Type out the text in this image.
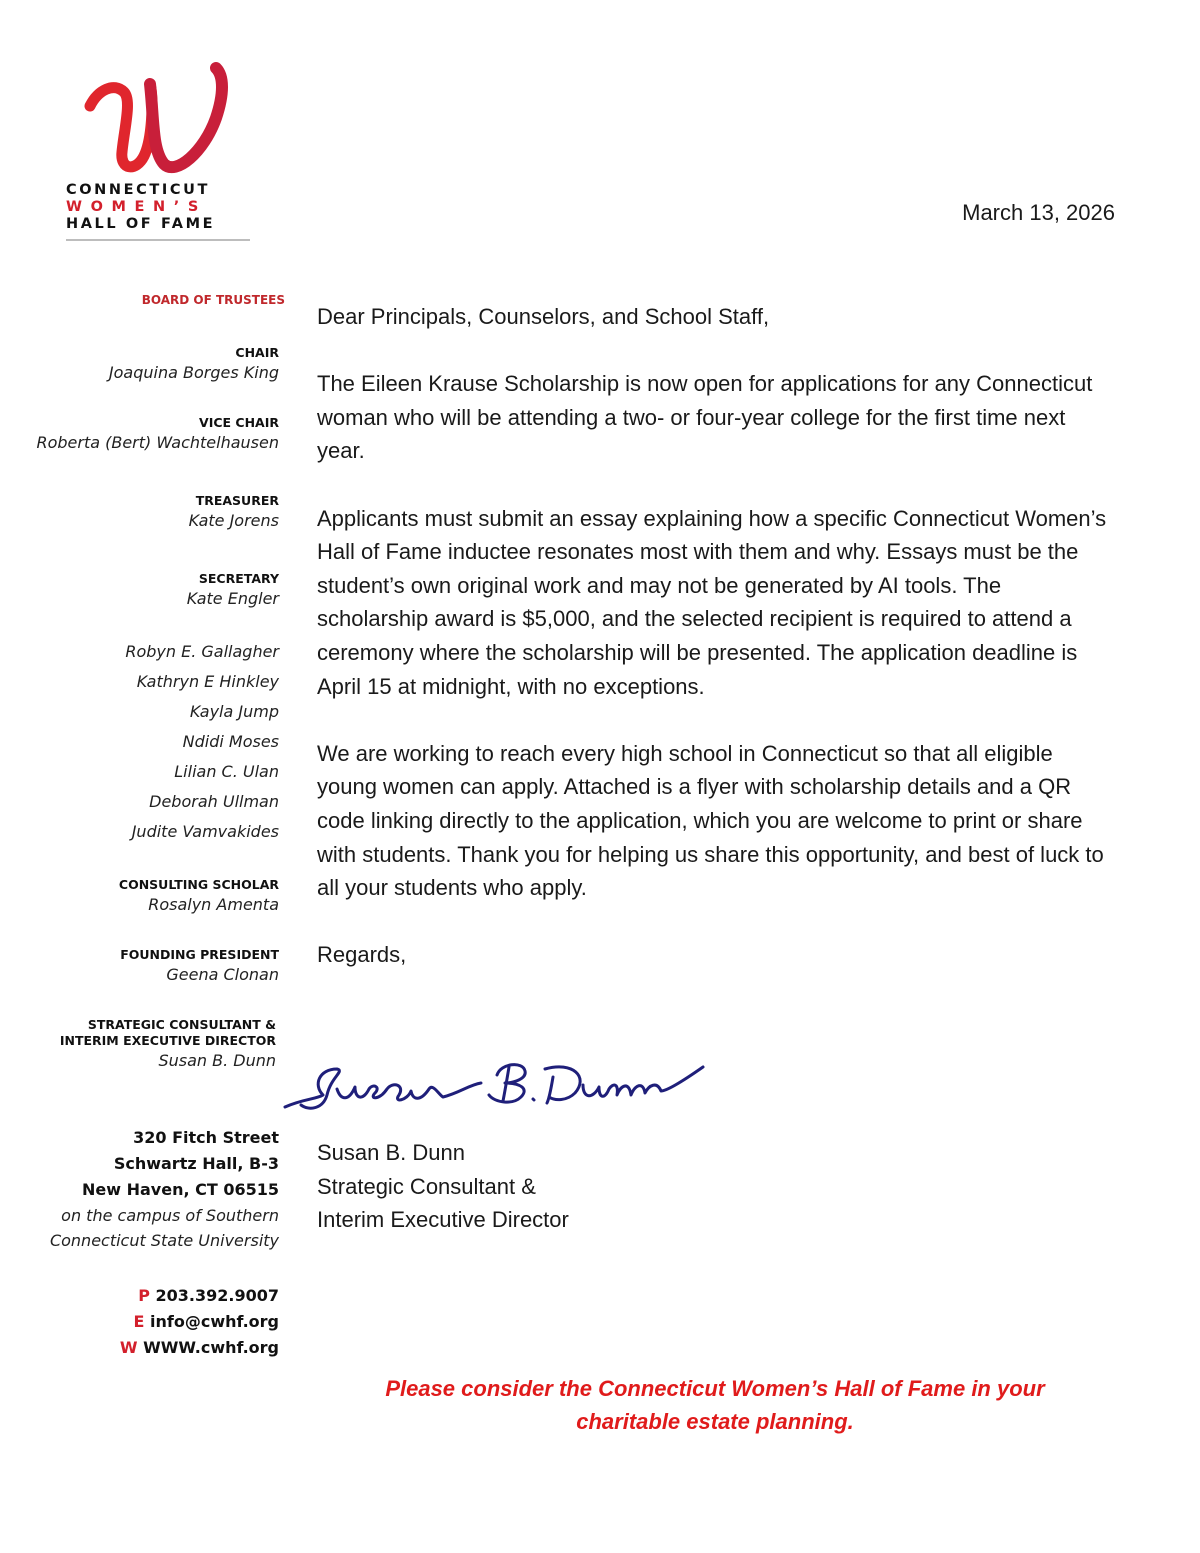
CONNECTICUT
WOMEN’S
HALL OF FAME
BOARD OF TRUSTEES
CHAIR
Joaquina Borges King
VICE CHAIR
Roberta (Bert) Wachtelhausen
TREASURER
Kate Jorens
SECRETARY
Kate Engler
Robyn E. Gallagher
Kathryn E Hinkley
Kayla Jump
Ndidi Moses
Lilian C. Ulan
Deborah Ullman
Judite Vamvakides
CONSULTING SCHOLAR
Rosalyn Amenta
FOUNDING PRESIDENT
Geena Clonan
STRATEGIC CONSULTANT &
INTERIM EXECUTIVE DIRECTOR
Susan B. Dunn
320 Fitch Street
Schwartz Hall, B-3
New Haven, CT 06515
on the campus of Southern
Connecticut State University
P 203.392.9007
E info@cwhf.org
W WWW.cwhf.org
March 13, 2026

Dear Principals, Counselors, and School Staff,

The Eileen Krause Scholarship is now open for applications for any Connecticut woman who will be attending a two- or four-year college for the first time next year.

Applicants must submit an essay explaining how a specific Connecticut Women’s Hall of Fame inductee resonates most with them and why. Essays must be the student’s own original work and may not be generated by AI tools. The scholarship award is $5,000, and the selected recipient is required to attend a ceremony where the scholarship will be presented. The application deadline is April 15 at midnight, with no exceptions.

We are working to reach every high school in Connecticut so that all eligible young women can apply. Attached is a flyer with scholarship details and a QR code linking directly to the application, which you are welcome to print or share with students. Thank you for helping us share this opportunity, and best of luck to all your students who apply.

Regards,

Susan B. Dunn
Strategic Consultant &
Interim Executive Director
Please consider the Connecticut Women’s Hall of Fame in your
charitable estate planning.
